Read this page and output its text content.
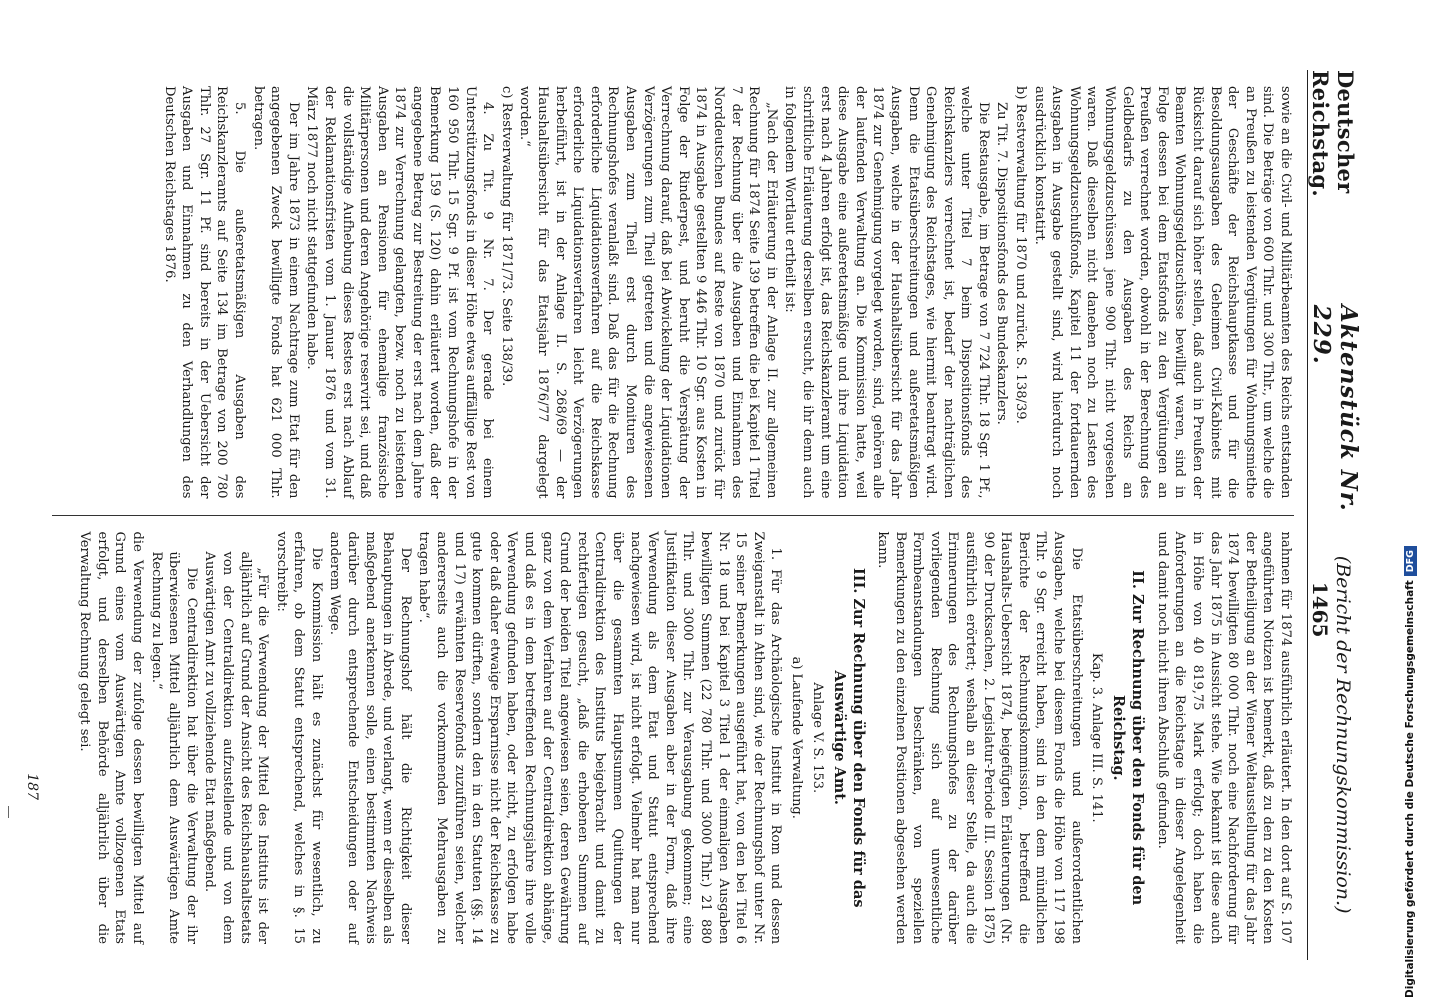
Deutscher Reichstag.
Aktenstück Nr. 229.
(Bericht der Rechnungskommission.) 1465

sowie an die Civil- und Militärbeamten des Reichs entstanden sind. Die Beträge von 600 Thlr. und 300 Thlr., um welche die an Preußen zu leistenden Vergütungen für Wohnungsmiethe der Geschäfte der Reichshauptkasse und für die Besoldungsausgaben des Geheimen Civil-Kabinets mit Rücksicht darauf sich höher stellen, daß auch in Preußen der Beamten Wohnungsgeldzuschüsse bewilligt waren, sind in Folge dessen bei dem Etatsfonds zu den Vergütungen an Preußen verrechnet worden, obwohl in der Berechnung des Geldbedarfs zu den Ausgaben des Reichs an Wohnungsgeldzuschüssen jene 900 Thlr. nicht vorgesehen waren. Daß dieselben nicht daneben noch zu Lasten des Wohnungsgeldzuschußfonds, Kapitel 11 der fortdauernden Ausgaben in Ausgabe gestellt sind, wird hierdurch noch ausdrücklich konstatirt.

b) Restverwaltung für 1870 und zurück. S. 138/39.

Zu Tit. 7. Dispositionsfonds des Bundeskanzlers.

Die Restausgabe, im Betrage von 7 724 Thlr. 18 Sgr. 1 Pf., welche unter Titel 7 beim Dispositionsfonds des Reichskanzlers verrechnet ist, bedarf der nachträglichen Genehmigung des Reichstages, wie hiermit beantragt wird. Denn die Etatsüberschreitungen und außeretatsmäßigen Ausgaben, welche in der Haushaltsübersicht für das Jahr 1874 zur Genehmigung vorgelegt worden, sind, gehören alle der laufenden Verwaltung an. Die Kommission hatte, weil diese Ausgabe eine außeretatsmäßige und ihre Liquidation erst nach 4 Jahren erfolgt ist, das Reichskanzleramt um eine schriftliche Erläuterung derselben ersucht, die ihr denn auch in folgendem Wortlaut ertheilt ist:

„Nach der Erläuterung in der Anlage II. zur allgemeinen Rechnung für 1874 Seite 139 betreffen die bei Kapitel 1 Titel 7 der Rechnung über die Ausgaben und Einnahmen des Norddeutschen Bundes auf Reste von 1870 und zurück für 1874 in Ausgabe gestellten 9 446 Thlr. 10 Sgr. aus Kosten in Folge der Rinderpest, und beruht die Verspätung der Verrechnung darauf, daß bei Abwickelung der Liquidationen Verzögerungen zum Theil getreten und die angewiesenen Ausgaben zum Theil erst durch Monituren des Rechnungshofes veranlaßt sind. Daß das für die Rechnung erforderliche Liquidationsverfahren auf die Reichskasse erforderliche Liquidationsverfahren leicht Verzögerungen herbeiführt, ist in der Anlage II. S. 268/69 — der Haushaltsübersicht für das Etatsjahr 1876/77 dargelegt worden.“

c) Restverwaltung für 1871/73. Seite 138/39.

4. Zu Tit. 9 Nr. 7. Der gerade bei einem Unterstützungsfonds in dieser Höhe etwas auffällige Rest von 160 950 Thlr. 15 Sgr. 9 Pf. ist vom Rechnungshofe in der Bemerkung 159 (S. 120) dahin erläutert worden, daß der angegebene Betrag zur Bestreitung der erst nach dem Jahre 1874 zur Verrechnung gelangten, bezw. noch zu leistenden Ausgaben an Pensionen für ehemalige französische Militärpersonen und deren Angehörige reservirt sei, und daß die vollständige Aufhebung dieses Restes erst nach Ablauf der Reklamationsfristen vom 1. Januar 1876 und vom 31. März 1877 noch nicht stattgefunden habe.

Der im Jahre 1873 in einem Nachtrage zum Etat für den angegebenen Zweck bewilligte Fonds hat 621 000 Thlr. betragen.

5. Die außeretatsmäßigen Ausgaben des Reichskanzleramts auf Seite 134 im Betrage von 200 780 Thlr. 27 Sgr. 11 Pf. sind bereits in der Uebersicht der Ausgaben und Einnahmen zu den Verhandlungen des Deutschen Reichstages 1876.

nahmen für 1874 ausführlich erläutert. In den dort auf S. 107 angeführten Notizen ist bemerkt, daß zu den zu den Kosten der Betheiligung an der Wiener Weltausstellung für das Jahr 1874 bewilligten 80 000 Thlr. noch eine Nachforderung für das Jahr 1875 in Aussicht stehe. Wie bekannt ist diese auch in Höhe von 40 819,75 Mark erfolgt; doch haben die Anforderungen an die Reichstage in dieser Angelegenheit und damit noch nicht ihren Abschluß gefunden.

II. Zur Rechnung über den Fonds für den Reichstag.
Kap. 3. Anlage III. S. 141.

Die Etatsüberschreitungen und außerordentlichen Ausgaben, welche bei diesem Fonds die Höhe von 117 198 Thlr. 9 Sgr. erreicht haben, sind in den dem mündlichen Berichte der Rechnungskommission, betreffend die Haushalts-Uebersicht 1874, beigefügten Erläuterungen (Nr. 90 der Drucksachen, 2. Legislatur-Periode III. Session 1875) ausführlich erörtert; weshalb an dieser Stelle, da auch die Erinnerungen des Rechnungshofes zu der darüber vorliegenden Rechnung sich auf unwesentliche Formbeanstandungen beschränken, von speziellen Bemerkungen zu den einzelnen Positionen abgesehen werden kann.

III. Zur Rechnung über den Fonds für das Auswärtige Amt.
Anlage V. S. 153.
a) Laufende Verwaltung.

1. Für das Archäologische Institut in Rom und dessen Zweiganstalt in Athen sind, wie der Rechnungshof unter Nr. 15 seiner Bemerkungen ausgeführt hat, von den bei Titel 6 Nr. 18 und bei Kapitel 3 Titel 1 der einmaligen Ausgaben bewilligten Summen (22 780 Thlr. und 3000 Thlr.) 21 880 Thlr. und 3000 Thlr. zur Verausgabung gekommen; eine Justifikation dieser Ausgaben aber in der Form, daß ihre Verwendung als dem Etat und Statut entsprechend nachgewiesen wird, ist nicht erfolgt. Vielmehr hat man nur über die gesammten Hauptsummen Quittungen der Centraldirektion des Instituts beigebracht und damit zu rechtfertigen gesucht, „daß die erhobenen Summen auf Grund der beiden Titel angewiesen seien, deren Gewährung ganz von dem Verfahren auf der Centraldirektion abhänge, und daß es in dem betreffenden Rechnungsjahre ihre volle Verwendung gefunden haben, oder nicht, zu erfolgen habe oder daß daher etwaige Ersparnisse nicht der Reichskasse zu gute kommen dürften, sondern den in den Statuten (§§. 14 und 17) erwähnten Reservefonds zuzuführen seien, welcher andererseits auch die vorkommenden Mehrausgaben zu tragen habe“.

Der Rechnungshof hält die Richtigkeit dieser Behauptungen in Abrede, und verlangt, wenn er dieselben als maßgebend anerkennen solle, einen bestimmten Nachweis darüber durch entsprechende Entscheidungen oder auf anderem Wege.

Die Kommission hält es zunächst für wesentlich, zu erfahren, ob dem Statut entsprechend, welches in §. 15 vorschreibt:

„Für die Verwendung der Mittel des Instituts ist der alljährlich auf Grund der Ansicht des Reichshaushaltsetats von der Centraldirektion aufzustellende und von dem Auswärtigen Amt zu vollziehende Etat maßgebend.

Die Centraldirektion hat über die Verwaltung der ihr überwiesenen Mittel alljährlich dem Auswärtigen Amte Rechnung zu legen.“

die Verwendung der zufolge dessen bewilligten Mittel auf Grund eines vom Auswärtigen Amte vollzogenen Etats erfolgt, und derselben Behörde alljährlich über die Verwaltung Rechnung gelegt sei.

187	Digitalisierung gefördert durch die Deutsche ForschungsgemeinschaftDFG
